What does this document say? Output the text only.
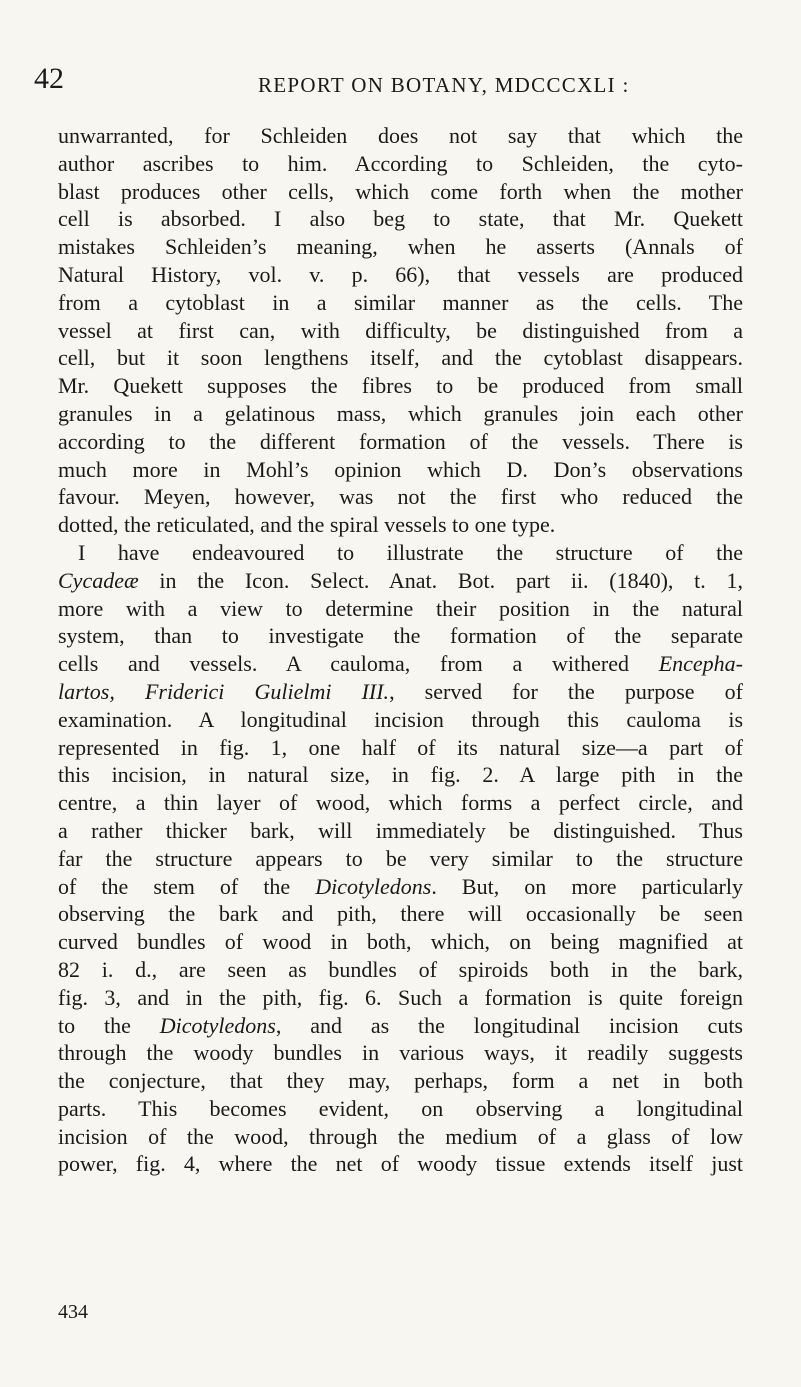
42	REPORT ON BOTANY, MDCCCXLI :
unwarranted, for Schleiden does not say that which the
author ascribes to him. According to Schleiden, the cyto-
blast produces other cells, which come forth when the mother
cell is absorbed. I also beg to state, that Mr. Quekett
mistakes Schleiden’s meaning, when he asserts (Annals of
Natural History, vol. v. p. 66), that vessels are produced
from a cytoblast in a similar manner as the cells. The
vessel at first can, with difficulty, be distinguished from a
cell, but it soon lengthens itself, and the cytoblast disappears.
Mr. Quekett supposes the fibres to be produced from small
granules in a gelatinous mass, which granules join each other
according to the different formation of the vessels. There is
much more in Mohl’s opinion which D. Don’s observations
favour. Meyen, however, was not the first who reduced the
dotted, the reticulated, and the spiral vessels to one type.
I have endeavoured to illustrate the structure of the
Cycadeæ in the Icon. Select. Anat. Bot. part ii. (1840), t. 1,
more with a view to determine their position in the natural
system, than to investigate the formation of the separate
cells and vessels. A cauloma, from a withered Encepha-
lartos, Friderici Gulielmi III., served for the purpose of
examination. A longitudinal incision through this cauloma is
represented in fig. 1, one half of its natural size—a part of
this incision, in natural size, in fig. 2. A large pith in the
centre, a thin layer of wood, which forms a perfect circle, and
a rather thicker bark, will immediately be distinguished. Thus
far the structure appears to be very similar to the structure
of the stem of the Dicotyledons. But, on more particularly
observing the bark and pith, there will occasionally be seen
curved bundles of wood in both, which, on being magnified at
82 i. d., are seen as bundles of spiroids both in the bark,
fig. 3, and in the pith, fig. 6. Such a formation is quite foreign
to the Dicotyledons, and as the longitudinal incision cuts
through the woody bundles in various ways, it readily suggests
the conjecture, that they may, perhaps, form a net in both
parts. This becomes evident, on observing a longitudinal
incision of the wood, through the medium of a glass of low
power, fig. 4, where the net of woody tissue extends itself just
434
